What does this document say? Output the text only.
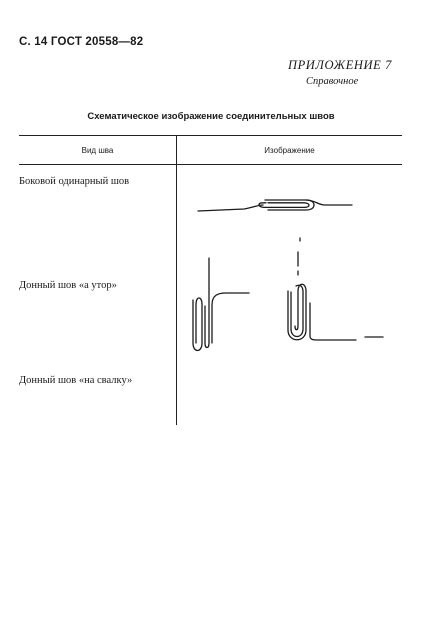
С. 14 ГОСТ 20558—82
ПРИЛОЖЕНИЕ 7
Справочное
Схематическое изображение соединительных швов
Вид шва	Изображение
Боковой одинарный шов
Донный шов «а утор»
Донный шов «на свалку»
